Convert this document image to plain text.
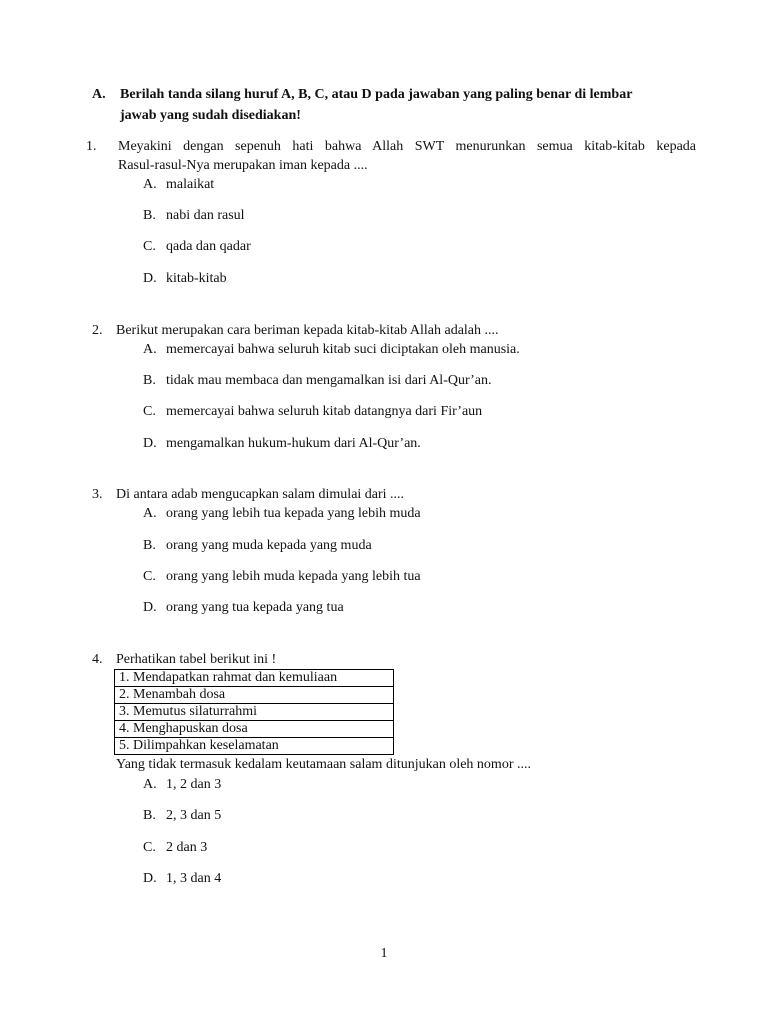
A. Berilah tanda silang huruf A, B, C, atau D pada jawaban yang paling benar di lembar
jawab yang sudah disediakan!
1. Meyakini dengan sepenuh hati bahwa Allah SWT menurunkan semua kitab-kitab kepada
Rasul-rasul-Nya merupakan iman kepada ....
A. malaikat
B. nabi dan rasul
C. qada dan qadar
D. kitab-kitab
2. Berikut merupakan cara beriman kepada kitab-kitab Allah adalah ....
A. memercayai bahwa seluruh kitab suci diciptakan oleh manusia.
B. tidak mau membaca dan mengamalkan isi dari Al-Qur’an.
C. memercayai bahwa seluruh kitab datangnya dari Fir’aun
D. mengamalkan hukum-hukum dari Al-Qur’an.
3. Di antara adab mengucapkan salam dimulai dari ....
A. orang yang lebih tua kepada yang lebih muda
B. orang yang muda kepada yang muda
C. orang yang lebih muda kepada yang lebih tua
D. orang yang tua kepada yang tua
4. Perhatikan tabel berikut ini !
1. Mendapatkan rahmat dan kemuliaan
2. Menambah dosa
3. Memutus silaturrahmi
4. Menghapuskan dosa
5. Dilimpahkan keselamatan
Yang tidak termasuk kedalam keutamaan salam ditunjukan oleh nomor ....
A. 1, 2 dan 3
B. 2, 3 dan 5
C. 2 dan 3
D. 1, 3 dan 4
1
